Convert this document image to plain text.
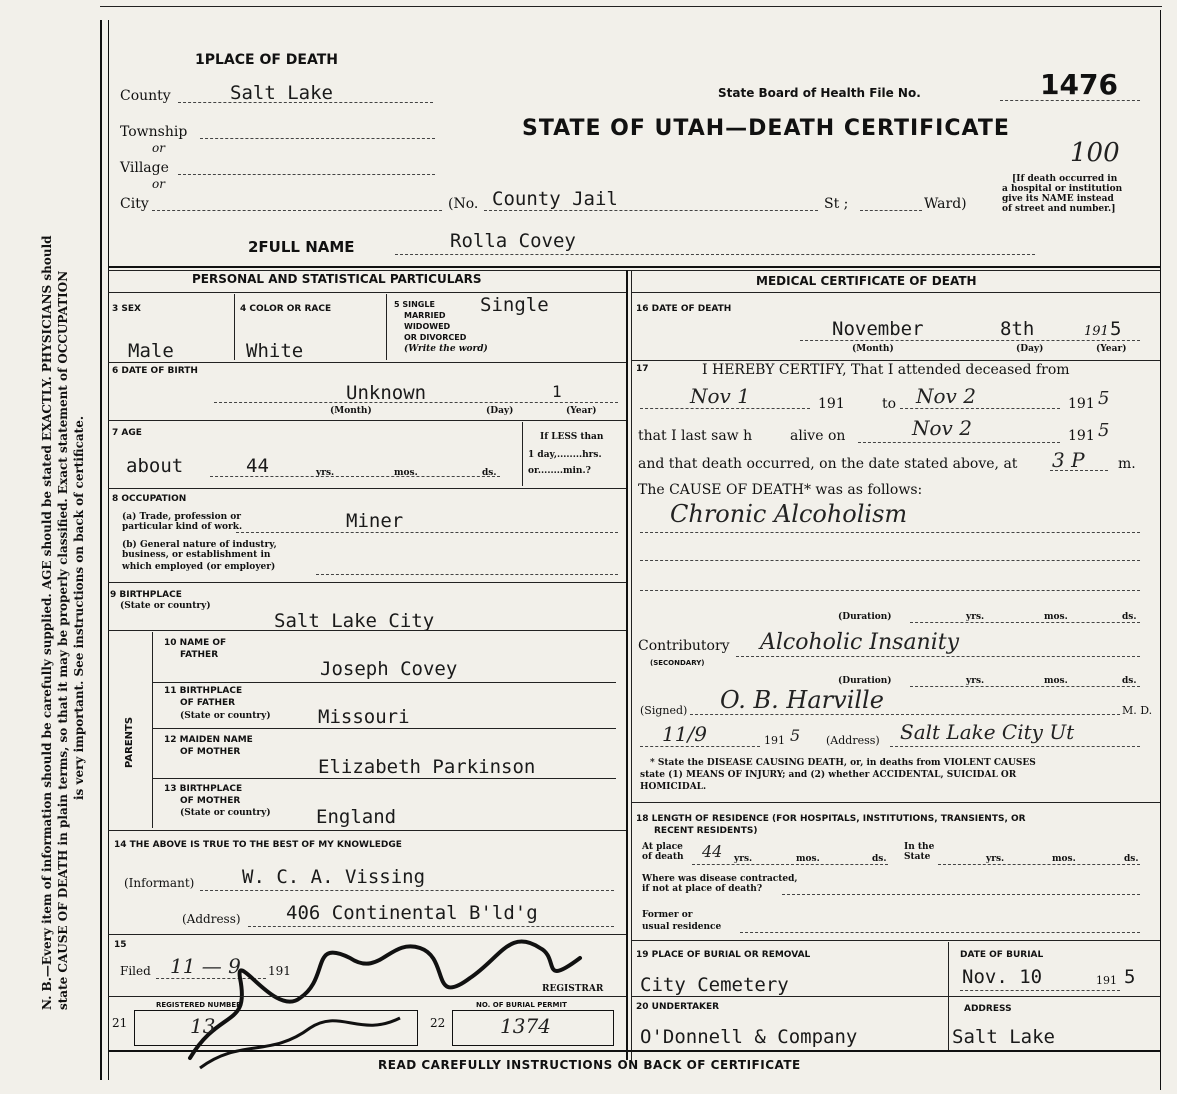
N. B.—Every item of information should be carefully supplied. AGE should be stated EXACTLY. PHYSICIANS should state CAUSE OF DEATH in plain terms, so that it may be properly classified. Exact statement of OCCUPATION is very important. See instructions on back of certificate.
1PLACE OF DEATH
County	Salt Lake
Township
or
Village
or
City	(No. County Jail	St ;	Ward)
State Board of Health File No.	1476
STATE OF UTAH—DEATH CERTIFICATE
100
[If death occurred in
a hospital or institution
give its NAME instead
of street and number.]
2FULL NAME	Rolla Covey
PERSONAL AND STATISTICAL PARTICULARS
3 SEX
Male
4 COLOR OR RACE
White
5 SINGLE
MARRIED
WIDOWED
OR DIVORCED
(Write the word)
Single
6 DATE OF BIRTH
Unknown	1
(Month)	(Day)	(Year)
7 AGE
about	44	yrs.	mos.	ds.
If LESS than
1 day,........hrs.
or........min.?
8 OCCUPATION
(a) Trade, profession or
particular kind of work.	Miner
(b) General nature of industry,
business, or establishment in
which employed (or employer)
9 BIRTHPLACE
(State or country)
Salt Lake City
PARENTS
10 NAME OF
FATHER
Joseph Covey
11 BIRTHPLACE
OF FATHER
(State or country) Missouri
12 MAIDEN NAME
OF MOTHER
Elizabeth Parkinson
13 BIRTHPLACE
OF MOTHER
(State or country) England
14 THE ABOVE IS TRUE TO THE BEST OF MY KNOWLEDGE
(Informant)	W. C. A. Vissing
(Address) 406 Continental B'ld'g
15
Filed 11 — 9 191
REGISTRAR
REGISTERED NUMBER	NO. OF BURIAL PERMIT
21	13	22	1374
MEDICAL CERTIFICATE OF DEATH
16 DATE OF DEATH
November	8th	191 5
(Month)	(Day)	(Year)
17	I HEREBY CERTIFY, That I attended deceased from
Nov 1	191	to Nov 2	191 5
that I last saw h	alive on	Nov 2	191 5
and that death occurred, on the date stated above, at 3 P m.
The CAUSE OF DEATH* was as follows:
Chronic Alcoholism
(Duration)	yrs.	mos.	ds.
Contributory
(SECONDARY)
Alcoholic Insanity
(Duration)	yrs.	mos.	ds.
(Signed) O. B. Harville	M. D.
11/9	191 5 (Address) Salt Lake City Ut
* State the DISEASE CAUSING DEATH, or, in deaths from VIOLENT CAUSES
state (1) MEANS OF INJURY; and (2) whether ACCIDENTAL, SUICIDAL OR
HOMICIDAL.
18 LENGTH OF RESIDENCE (FOR HOSPITALS, INSTITUTIONS, TRANSIENTS, OR
RECENT RESIDENTS)
At place
of death 44 yrs.	mos.	ds.
In the
State	yrs.	mos.	ds.
Where was disease contracted,
if not at place of death?
Former or
usual residence
19 PLACE OF BURIAL OR REMOVAL
City Cemetery
DATE OF BURIAL
Nov. 10	191 5
20 UNDERTAKER
O'Donnell & Company
ADDRESS
Salt Lake
READ CAREFULLY INSTRUCTIONS ON BACK OF CERTIFICATE
